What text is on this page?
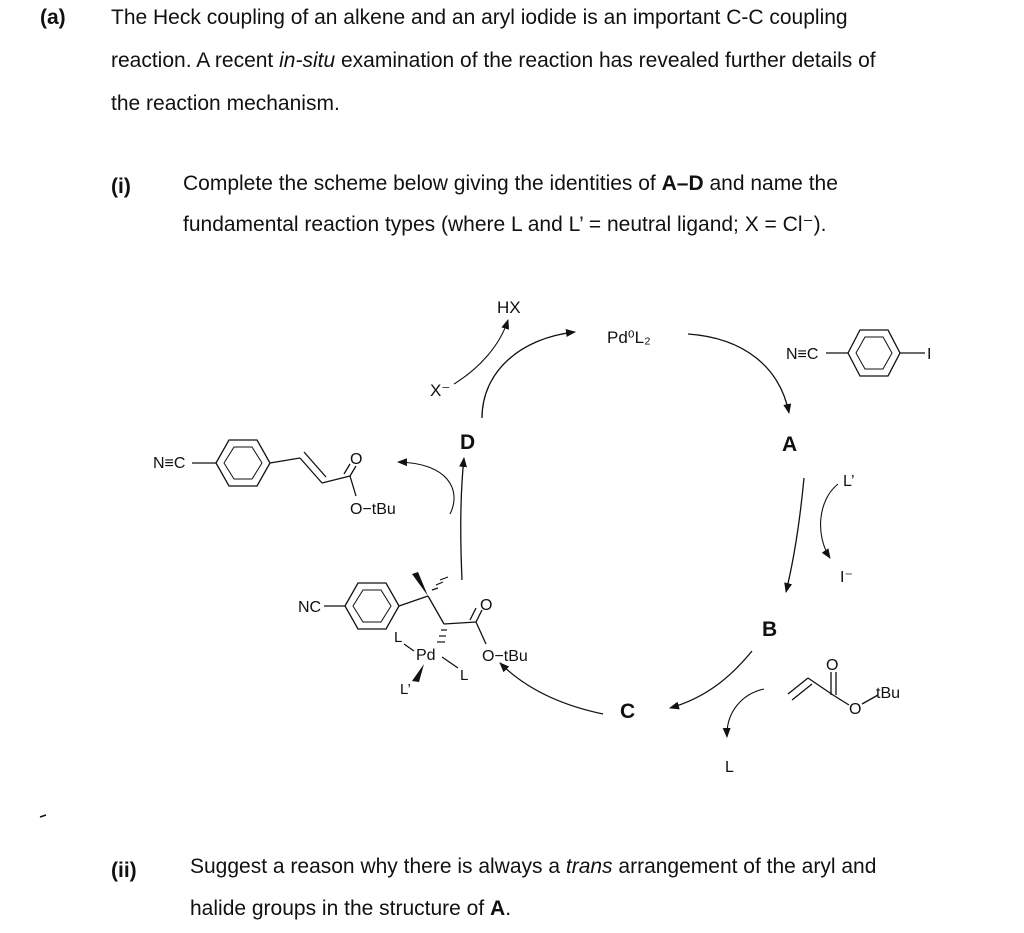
(a) The Heck coupling of an alkene and an aryl iodide is an important C-C coupling
reaction. A recent in-situ examination of the reaction has revealed further details of
the reaction mechanism.
(i) Complete the scheme below giving the identities of A–D and name the
fundamental reaction types (where L and L’ = neutral ligand; X = Cl⁻).
HX
Pd⁰L₂
X⁻
D	A
L’
I⁻
B
C
L
N≡C	I
N≡C	O
O−tBu
NC	O
O−tBu
Pd
L
L
L’
O
O
tBu
(ii)	Suggest a reason why there is always a trans arrangement of the aryl and
halide groups in the structure of A.
